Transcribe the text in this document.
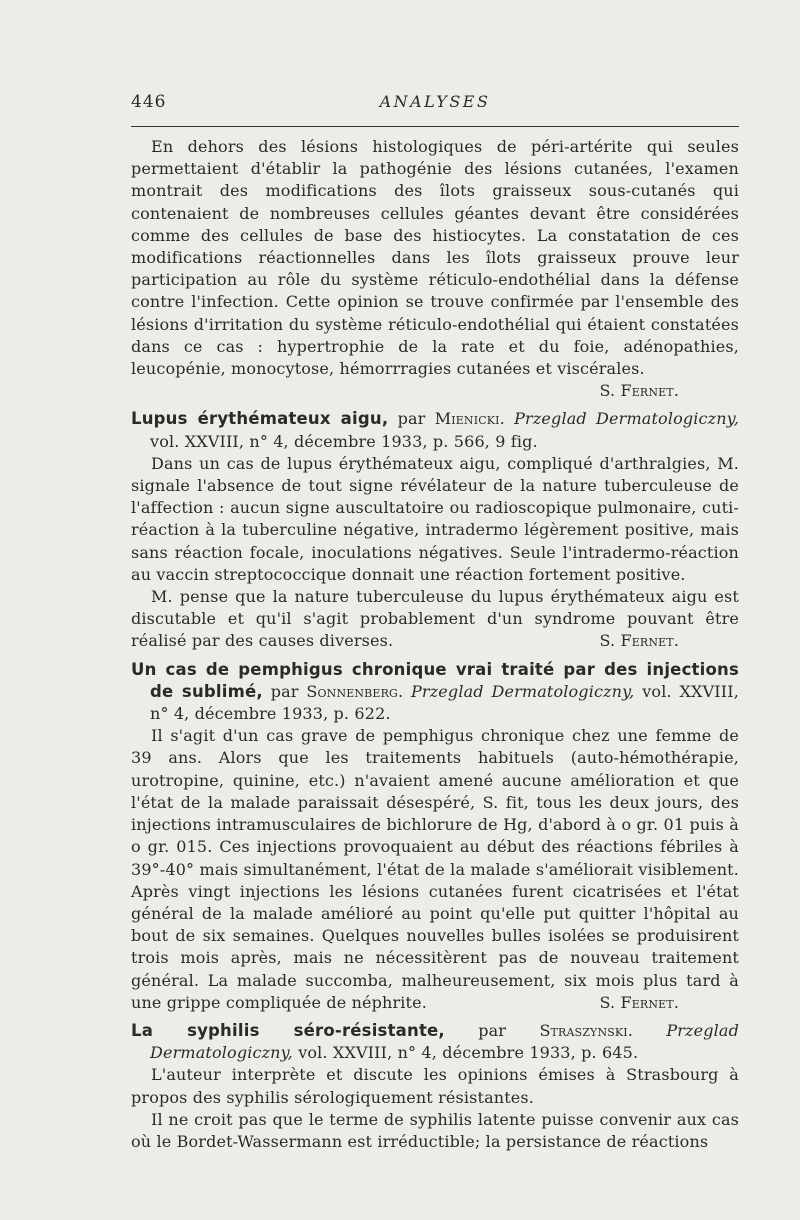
446	ANALYSES

En dehors des lésions histologiques de péri-artérite qui seules permettaient d'établir la pathogénie des lésions cutanées, l'examen montrait des modifications des îlots graisseux sous-cutanés qui contenaient de nombreuses cellules géantes devant être considérées comme des cellules de base des histiocytes. La constatation de ces modifications réactionnelles dans les îlots graisseux prouve leur participation au rôle du système réticulo-endothélial dans la défense contre l'infection. Cette opinion se trouve confirmée par l'ensemble des lésions d'irritation du système réticulo-endothélial qui étaient constatées dans ce cas : hypertrophie de la rate et du foie, adénopathies, leucopénie, monocytose, hémorrragies cutanées et viscérales.
S. Fernet.

Lupus érythémateux aigu, par Mienicki. Przeglad Dermatologiczny, vol. XXVIII, n° 4, décembre 1933, p. 566, 9 fig.

Dans un cas de lupus érythémateux aigu, compliqué d'arthralgies, M. signale l'absence de tout signe révélateur de la nature tuberculeuse de l'affection : aucun signe auscultatoire ou radioscopique pulmonaire, cuti-réaction à la tuberculine négative, intradermo légèrement positive, mais sans réaction focale, inoculations négatives. Seule l'intradermo-réaction au vaccin streptococcique donnait une réaction fortement positive.

M. pense que la nature tuberculeuse du lupus érythémateux aigu est discutable et qu'il s'agit probablement d'un syndrome pouvant être réalisé par des causes diverses.	S. Fernet.

Un cas de pemphigus chronique vrai traité par des injections de sublimé, par Sonnenberg. Przeglad Dermatologiczny, vol. XXVIII, n° 4, décembre 1933, p. 622.

Il s'agit d'un cas grave de pemphigus chronique chez une femme de 39 ans. Alors que les traitements habituels (auto-hémothérapie, urotropine, quinine, etc.) n'avaient amené aucune amélioration et que l'état de la malade paraissait désespéré, S. fit, tous les deux jours, des injections intramusculaires de bichlorure de Hg, d'abord à o gr. 01 puis à o gr. 015. Ces injections provoquaient au début des réactions fébriles à 39°-40° mais simultanément, l'état de la malade s'améliorait visiblement. Après vingt injections les lésions cutanées furent cicatrisées et l'état général de la malade amélioré au point qu'elle put quitter l'hôpital au bout de six semaines. Quelques nouvelles bulles isolées se produisirent trois mois après, mais ne nécessitèrent pas de nouveau traitement général. La malade succomba, malheureusement, six mois plus tard à une grippe compliquée de néphrite.	S. Fernet.

La syphilis séro-résistante, par Straszynski. Przeglad Dermatologiczny, vol. XXVIII, n° 4, décembre 1933, p. 645.

L'auteur interprète et discute les opinions émises à Strasbourg à propos des syphilis sérologiquement résistantes.

Il ne croit pas que le terme de syphilis latente puisse convenir aux cas où le Bordet-Wassermann est irréductible; la persistance de réactions
